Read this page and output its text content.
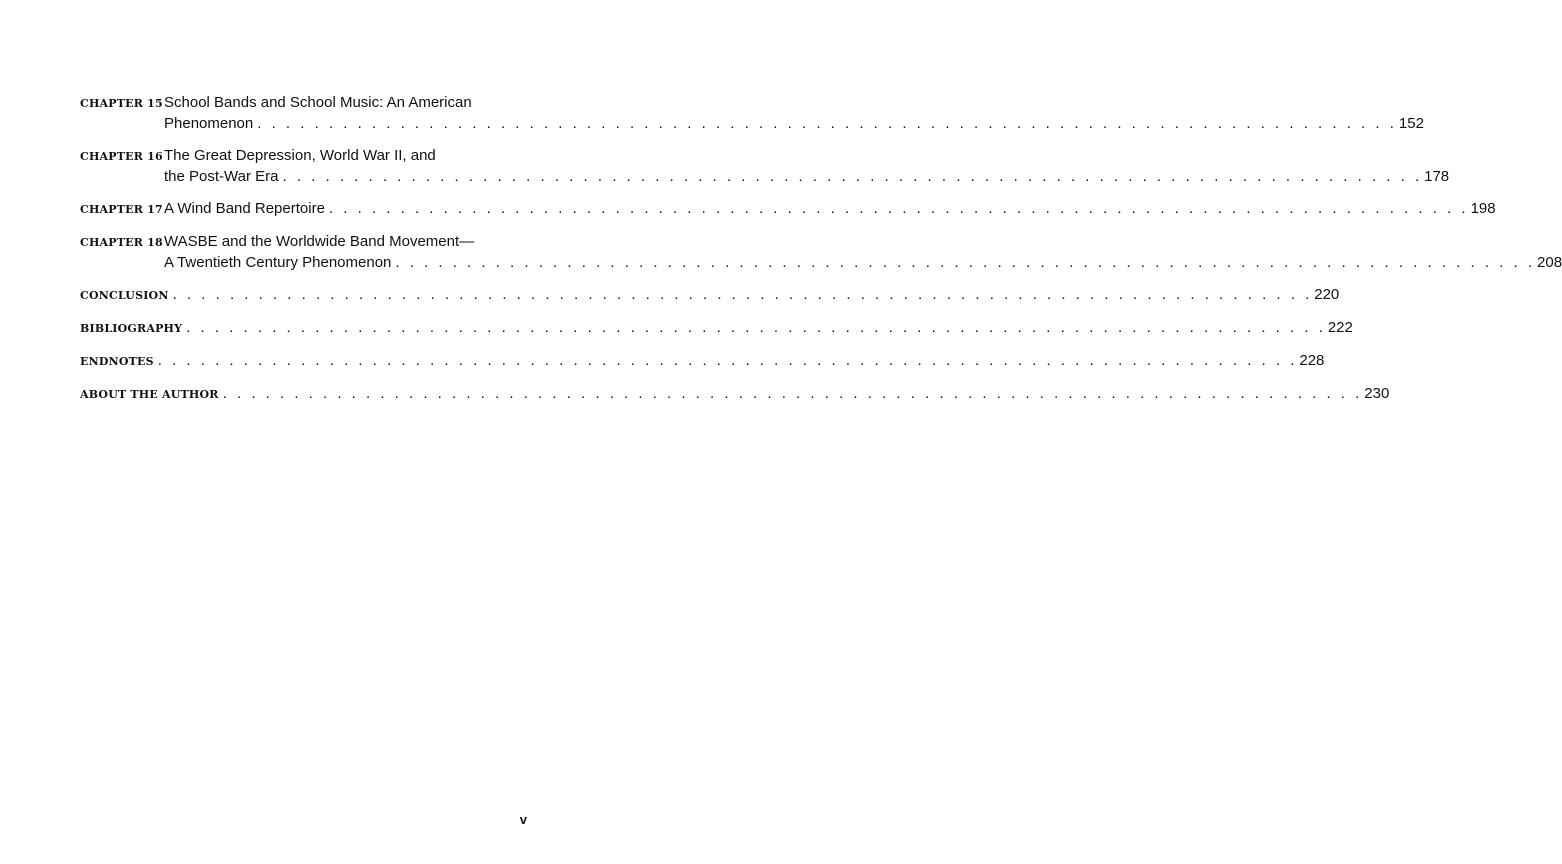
CHAPTER 15 School Bands and School Music: An American
Phenomenon . . . . . . . . . . . . . . . . . . . . . . . . . . . . . . . . . . . . . . . . . . . . . . . . . . . . . . . . . . . . . . . . . . . . . . . . . . . . . . . . 152
CHAPTER 16 The Great Depression, World War II, and
the Post-War Era . . . . . . . . . . . . . . . . . . . . . . . . . . . . . . . . . . . . . . . . . . . . . . . . . . . . . . . . . . . . . . . . . . . . . . . . . . . . . . . . 178
CHAPTER 17 A Wind Band Repertoire . . . . . . . . . . . . . . . . . . . . . . . . . . . . . . . . . . . . . . . . . . . . . . . . . . . . . . . . . . . . . . . . . . . . . . . . . . . . . . . . 198
CHAPTER 18 WASBE and the Worldwide Band Movement—
A Twentieth Century Phenomenon . . . . . . . . . . . . . . . . . . . . . . . . . . . . . . . . . . . . . . . . . . . . . . . . . . . . . . . . . . . . . . . . . . . . . . . . . . . . . . . . 208
CONCLUSION . . . . . . . . . . . . . . . . . . . . . . . . . . . . . . . . . . . . . . . . . . . . . . . . . . . . . . . . . . . . . . . . . . . . . . . . . . . . . . . . 220
BIBLIOGRAPHY . . . . . . . . . . . . . . . . . . . . . . . . . . . . . . . . . . . . . . . . . . . . . . . . . . . . . . . . . . . . . . . . . . . . . . . . . . . . . . . . 222
ENDNOTES . . . . . . . . . . . . . . . . . . . . . . . . . . . . . . . . . . . . . . . . . . . . . . . . . . . . . . . . . . . . . . . . . . . . . . . . . . . . . . . . 228
ABOUT THE AUTHOR . . . . . . . . . . . . . . . . . . . . . . . . . . . . . . . . . . . . . . . . . . . . . . . . . . . . . . . . . . . . . . . . . . . . . . . . . . . . . . . . 230
v
